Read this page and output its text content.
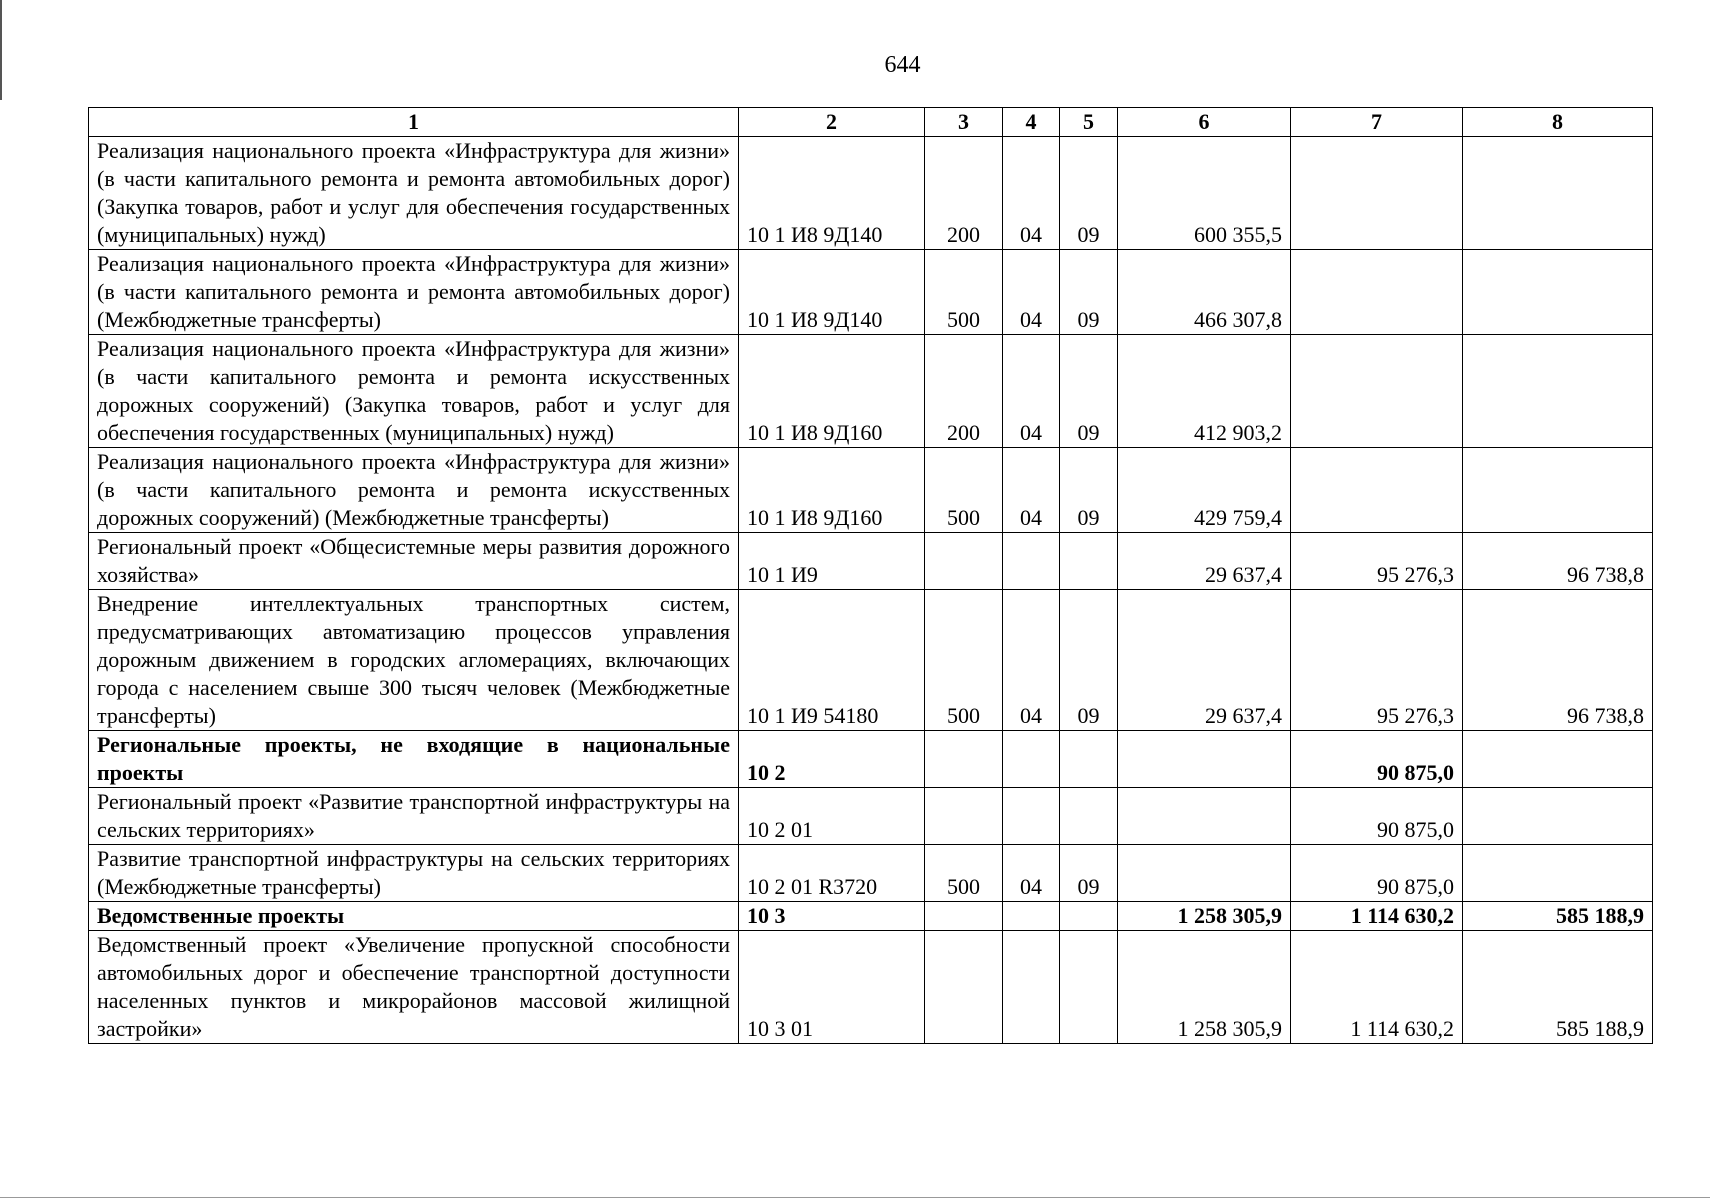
644
1	2	3	4	5	6	7	8
Реализация национального проекта «Инфраструктура для жизни» (в части капитального ремонта и ремонта автомобильных дорог) (Закупка товаров, работ и услуг для обеспечения государственных (муниципальных) нужд)	10 1 И8 9Д140	200	04	09	600 355,5		
Реализация национального проекта «Инфраструктура для жизни» (в части капитального ремонта и ремонта автомобильных дорог) (Межбюджетные трансферты)	10 1 И8 9Д140	500	04	09	466 307,8		
Реализация национального проекта «Инфраструктура для жизни» (в части капитального ремонта и ремонта искусственных дорожных сооружений) (Закупка товаров, работ и услуг для обеспечения государственных (муниципальных) нужд)	10 1 И8 9Д160	200	04	09	412 903,2		
Реализация национального проекта «Инфраструктура для жизни» (в части капитального ремонта и ремонта искусственных дорожных сооружений) (Межбюджетные трансферты)	10 1 И8 9Д160	500	04	09	429 759,4		
Региональный проект «Общесистемные меры развития дорожного хозяйства»	10 1 И9				29 637,4	95 276,3	96 738,8
Внедрение интеллектуальных транспортных систем, предусматривающих автоматизацию процессов управления дорожным движением в городских агломерациях, включающих города с населением свыше 300 тысяч человек (Межбюджетные трансферты)	10 1 И9 54180	500	04	09	29 637,4	95 276,3	96 738,8
Региональные проекты, не входящие в национальные проекты	10 2					90 875,0	
Региональный проект «Развитие транспортной инфраструктуры на сельских территориях»	10 2 01					90 875,0	
Развитие транспортной инфраструктуры на сельских территориях (Межбюджетные трансферты)	10 2 01 R3720	500	04	09		90 875,0	
Ведомственные проекты	10 3				1 258 305,9	1 114 630,2	585 188,9
Ведомственный проект «Увеличение пропускной способности автомобильных дорог и обеспечение транспортной доступности населенных пунктов и микрорайонов массовой жилищной застройки»	10 3 01				1 258 305,9	1 114 630,2	585 188,9
